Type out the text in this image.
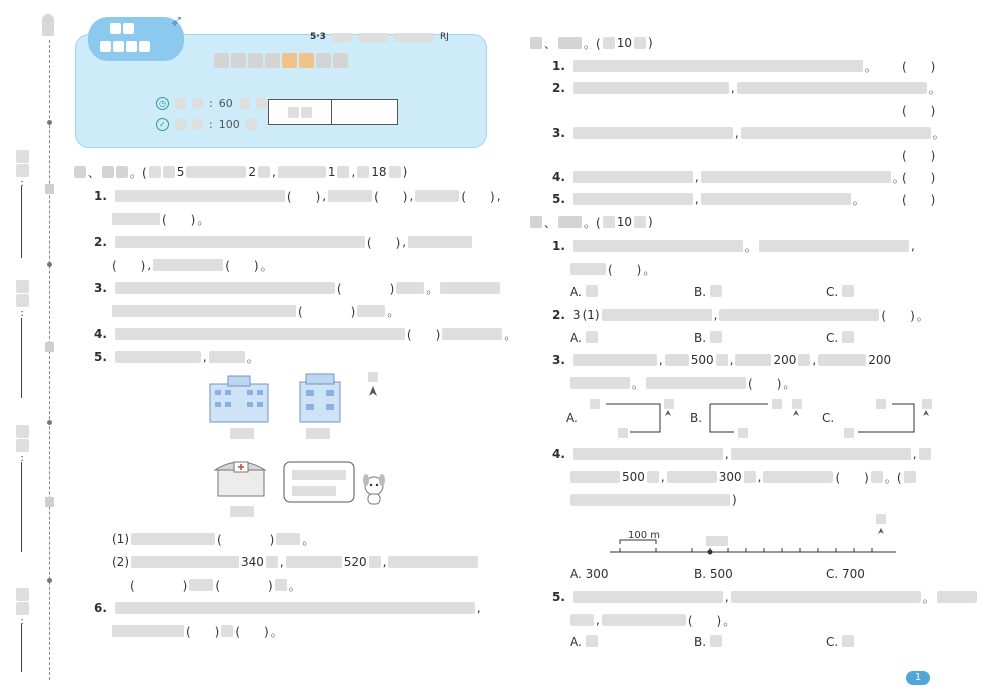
:
:
:
:
➶
◷	: 60
✓	: 100
5·3	RJ
、	。(	5	2 ,	1 , 18 )
1.	(　　) ,	(　　) ,	(　　) ,
(　　) 。
2.	(　　) ,
(　　) ,	(　　) 。
3.	(　　　　)	。
(　　　　)	。
4.	(　　)	。
5.	,	。
(1)	(　　　　) 。
(2)	340 ,	520 ,
(　　　　) (　　　　) 。
6.	,
(　　) (　　) 。
、 。( 10 )
1.	。 (　　)
2.	,	。
(　　)
3.	,	。
(　　)
4.	,	。
(　　)
5.	,	。	(　　)
、 。( 10 )
1.	。	,
(　　) 。
A.	B.	C.
2. 3 (1)	,	(　　) 。
A.	B.	C.
3.	, 500 ,	200 ,	200
。	(　　) 。
A.	B.	C.
4.	,	,
500 ,	300 ,	(　　) 。(
)
100 m
A. 300	B. 500	C. 700
5.	,	。
,	(　　) 。
A.	B.	C.
1
